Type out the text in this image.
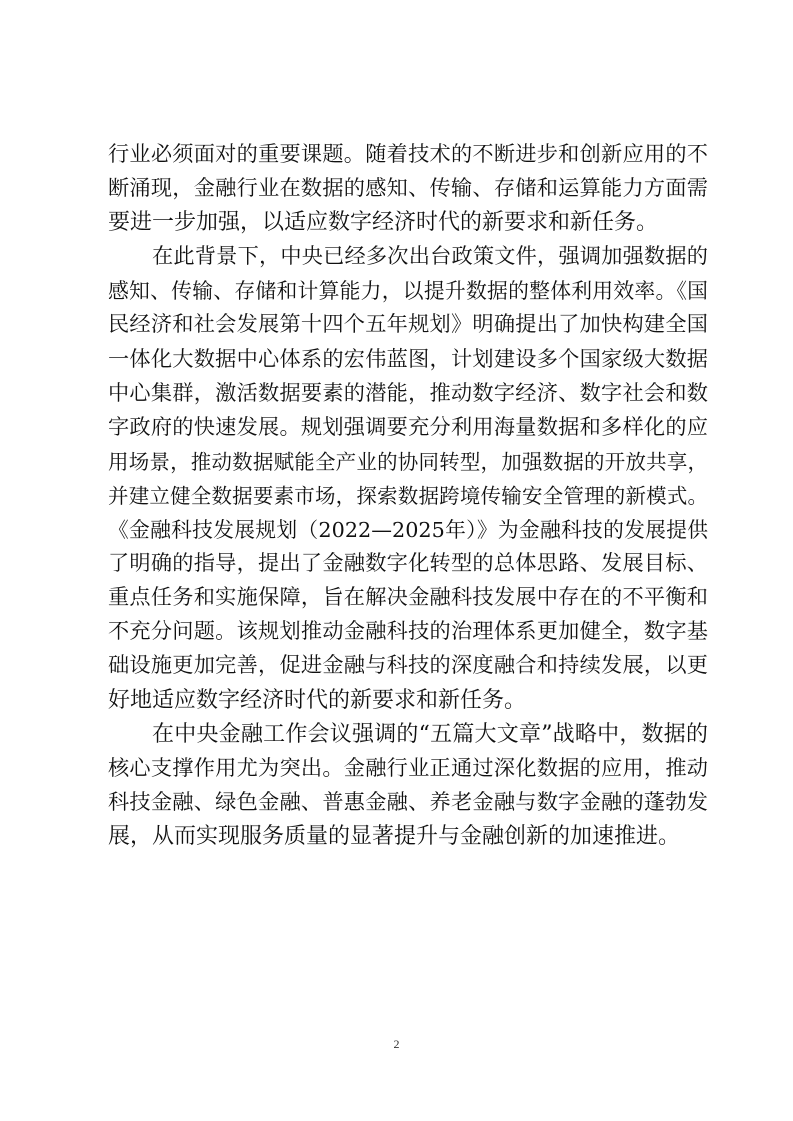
行业必须面对的重要课题。随着技术的不断进步和创新应用的不
断涌现，金融行业在数据的感知、传输、存储和运算能力方面需
要进一步加强，以适应数字经济时代的新要求和新任务。
在此背景下，中央已经多次出台政策文件，强调加强数据的
感知、传输、存储和计算能力，以提升数据的整体利用效率。《国
民经济和社会发展第十四个五年规划》明确提出了加快构建全国
一体化大数据中心体系的宏伟蓝图，计划建设多个国家级大数据
中心集群，激活数据要素的潜能，推动数字经济、数字社会和数
字政府的快速发展。规划强调要充分利用海量数据和多样化的应
用场景，推动数据赋能全产业的协同转型，加强数据的开放共享，
并建立健全数据要素市场，探索数据跨境传输安全管理的新模式。
《金融科技发展规划（2022—2025年）》为金融科技的发展提供
了明确的指导，提出了金融数字化转型的总体思路、发展目标、
重点任务和实施保障，旨在解决金融科技发展中存在的不平衡和
不充分问题。该规划推动金融科技的治理体系更加健全，数字基
础设施更加完善，促进金融与科技的深度融合和持续发展，以更
好地适应数字经济时代的新要求和新任务。
在中央金融工作会议强调的“五篇大文章”战略中，数据的
核心支撑作用尤为突出。金融行业正通过深化数据的应用，推动
科技金融、绿色金融、普惠金融、养老金融与数字金融的蓬勃发
展，从而实现服务质量的显著提升与金融创新的加速推进。
2
